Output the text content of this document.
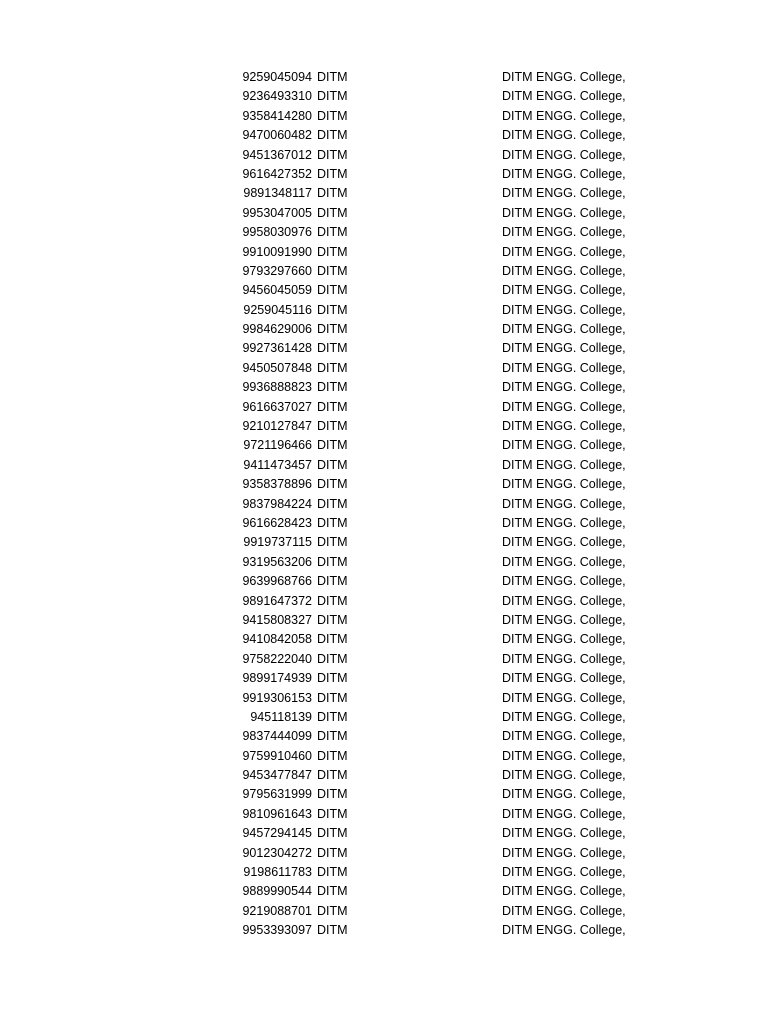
9259045094 DITM	DITM ENGG. College,
9236493310 DITM	DITM ENGG. College,
9358414280 DITM	DITM ENGG. College,
9470060482 DITM	DITM ENGG. College,
9451367012 DITM	DITM ENGG. College,
9616427352 DITM	DITM ENGG. College,
9891348117 DITM	DITM ENGG. College,
9953047005 DITM	DITM ENGG. College,
9958030976 DITM	DITM ENGG. College,
9910091990 DITM	DITM ENGG. College,
9793297660 DITM	DITM ENGG. College,
9456045059 DITM	DITM ENGG. College,
9259045116 DITM	DITM ENGG. College,
9984629006 DITM	DITM ENGG. College,
9927361428 DITM	DITM ENGG. College,
9450507848 DITM	DITM ENGG. College,
9936888823 DITM	DITM ENGG. College,
9616637027 DITM	DITM ENGG. College,
9210127847 DITM	DITM ENGG. College,
9721196466 DITM	DITM ENGG. College,
9411473457 DITM	DITM ENGG. College,
9358378896 DITM	DITM ENGG. College,
9837984224 DITM	DITM ENGG. College,
9616628423 DITM	DITM ENGG. College,
9919737115 DITM	DITM ENGG. College,
9319563206 DITM	DITM ENGG. College,
9639968766 DITM	DITM ENGG. College,
9891647372 DITM	DITM ENGG. College,
9415808327 DITM	DITM ENGG. College,
9410842058 DITM	DITM ENGG. College,
9758222040 DITM	DITM ENGG. College,
9899174939 DITM	DITM ENGG. College,
9919306153 DITM	DITM ENGG. College,
945118139 DITM	DITM ENGG. College,
9837444099 DITM	DITM ENGG. College,
9759910460 DITM	DITM ENGG. College,
9453477847 DITM	DITM ENGG. College,
9795631999 DITM	DITM ENGG. College,
9810961643 DITM	DITM ENGG. College,
9457294145 DITM	DITM ENGG. College,
9012304272 DITM	DITM ENGG. College,
9198611783 DITM	DITM ENGG. College,
9889990544 DITM	DITM ENGG. College,
9219088701 DITM	DITM ENGG. College,
9953393097 DITM	DITM ENGG. College,
